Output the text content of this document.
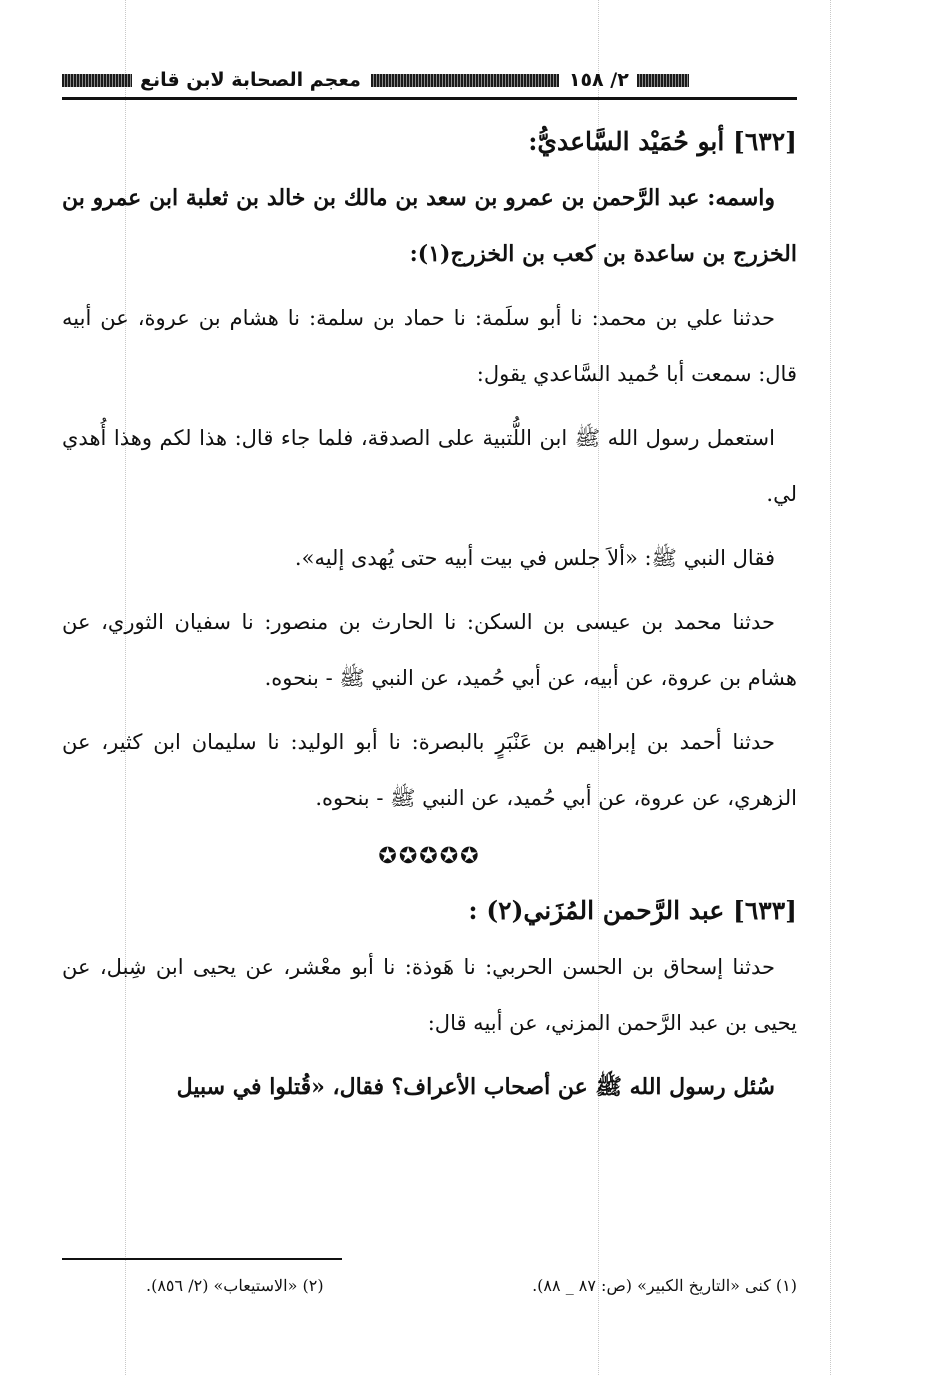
معجم الصحابة لابن قانع	٢/ ١٥٨
[٦٣٢] أبو حُمَيْد السَّاعديُّ:

واسمه: عبد الرَّحمن بن عمرو بن سعد بن مالك بن خالد بن ثعلبة ابن عمرو بن الخزرج بن ساعدة بن كعب بن الخزرج(١):

حدثنا علي بن محمد: نا أبو سلَمة: نا حماد بن سلمة: نا هشام بن عروة، عن أبيه قال: سمعت أبا حُميد السَّاعدي يقول:

استعمل رسول الله ﷺ ابن اللُّتبية على الصدقة، فلما جاء قال: هذا لكم وهذا أُهدي لي.

فقال النبي ﷺ: «ألاَ جلس في بيت أبيه حتى يُهدى إليه».

حدثنا محمد بن عيسى بن السكن: نا الحارث بن منصور: نا سفيان الثوري، عن هشام بن عروة، عن أبيه، عن أبي حُميد، عن النبي ﷺ - بنحوه.

حدثنا أحمد بن إبراهيم بن عَنْبَرٍ بالبصرة: نا أبو الوليد: نا سليمان ابن كثير، عن الزهري، عن عروة، عن أبي حُميد، عن النبي ﷺ - بنحوه.

✪✪✪✪✪
[٦٣٣] عبد الرَّحمن المُزَني(٢) :

حدثنا إسحاق بن الحسن الحربي: نا هَوذة: نا أبو معْشر، عن يحيى ابن شِبل، عن يحيى بن عبد الرَّحمن المزني، عن أبيه قال:

سُئل رسول الله ﷺ عن أصحاب الأعراف؟ فقال، «قُتلوا في سبيل

(١) كنى «التاريخ الكبير» (ص: ٨٧ _ ٨٨).
(٢) «الاستيعاب» (٢/ ٨٥٦).
